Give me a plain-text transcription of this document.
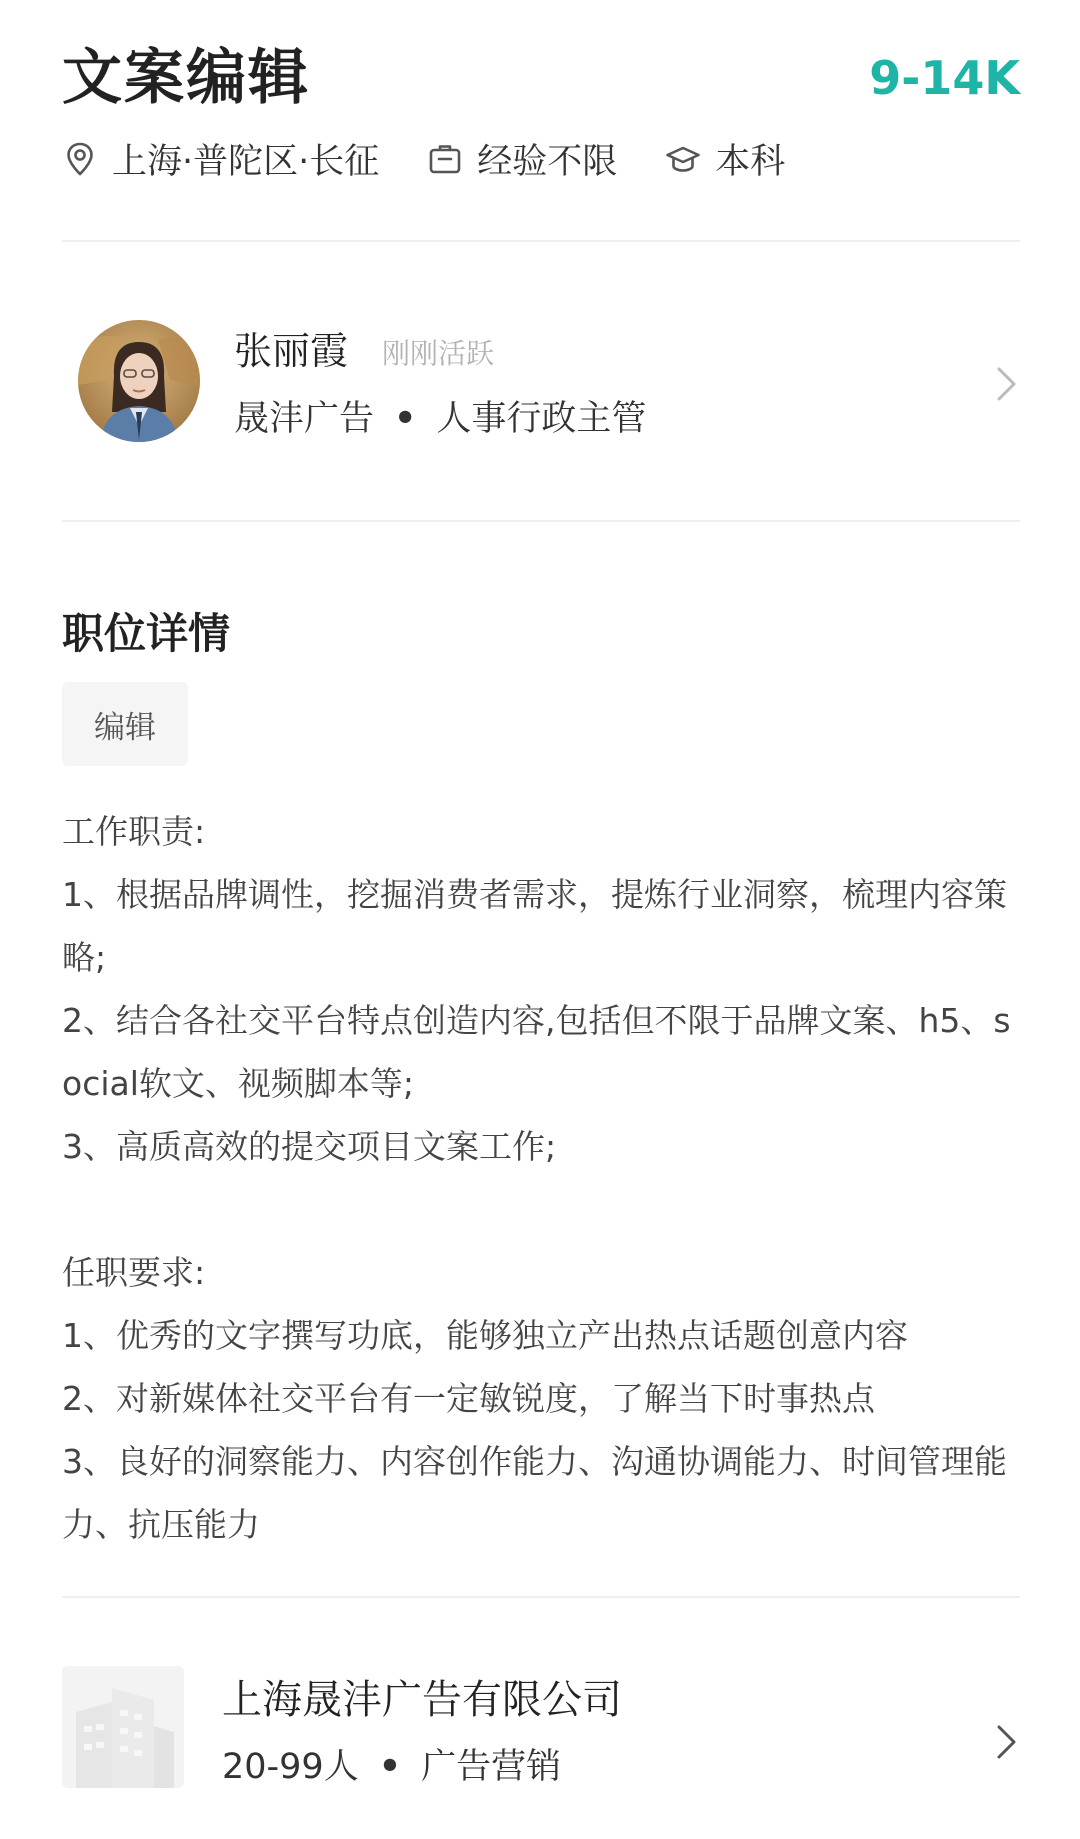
文案编辑	9-14K
上海·普陀区·长征	经验不限	本科
张丽霞 刚刚活跃
晟沣广告 • 人事行政主管
职位详情
编辑

工作职责:
1、根据品牌调性，挖掘消费者需求，提炼行业洞察，梳理内容策略;
2、结合各社交平台特点创造内容,包括但不限于品牌文案、h5、social软文、视频脚本等;
3、高质高效的提交项目文案工作;

任职要求:
1、优秀的文字撰写功底，能够独立产出热点话题创意内容
2、对新媒体社交平台有一定敏锐度，了解当下时事热点
3、良好的洞察能力、内容创作能力、沟通协调能力、时间管理能力、抗压能力

上海晟沣广告有限公司
20-99人 • 广告营销
